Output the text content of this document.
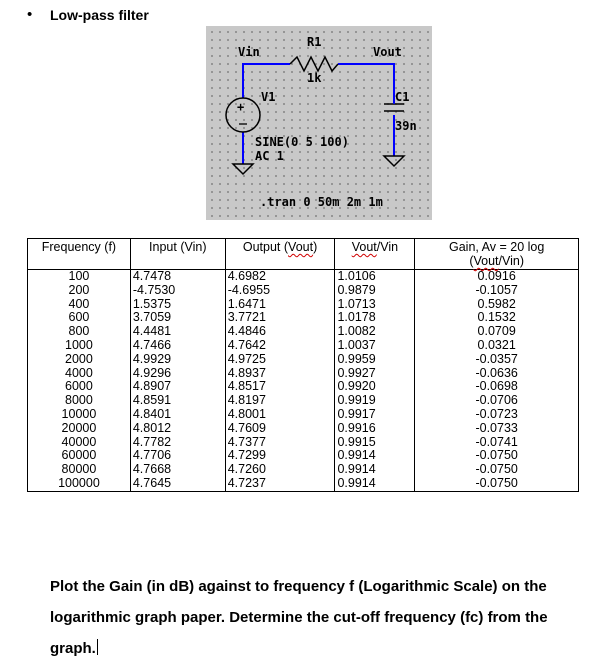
• Low-pass filter
+
Vin
R1
1k
Vout
V1	C1
39n
SINE(0 5 100)
AC 1
.tran 0 50m 2m 1m
Frequency (f)	Input (Vin)	Output (Vout)	Vout/Vin	Gain, Av = 20 log
(Vout/Vin)
100	4.7478	4.6982	1.0106	0.0916
200	-4.7530	-4.6955	0.9879	-0.1057
400	1.5375	1.6471	1.0713	0.5982
600	3.7059	3.7721	1.0178	0.1532
800	4.4481	4.4846	1.0082	0.0709
1000	4.7466	4.7642	1.0037	0.0321
2000	4.9929	4.9725	0.9959	-0.0357
4000	4.9296	4.8937	0.9927	-0.0636
6000	4.8907	4.8517	0.9920	-0.0698
8000	4.8591	4.8197	0.9919	-0.0706
10000	4.8401	4.8001	0.9917	-0.0723
20000	4.8012	4.7609	0.9916	-0.0733
40000	4.7782	4.7377	0.9915	-0.0741
60000	4.7706	4.7299	0.9914	-0.0750
80000	4.7668	4.7260	0.9914	-0.0750
100000	4.7645	4.7237	0.9914	-0.0750
Plot the Gain (in dB) against to frequency f (Logarithmic Scale) on the logarithmic graph paper. Determine the cut-off frequency (fc) from the graph.
